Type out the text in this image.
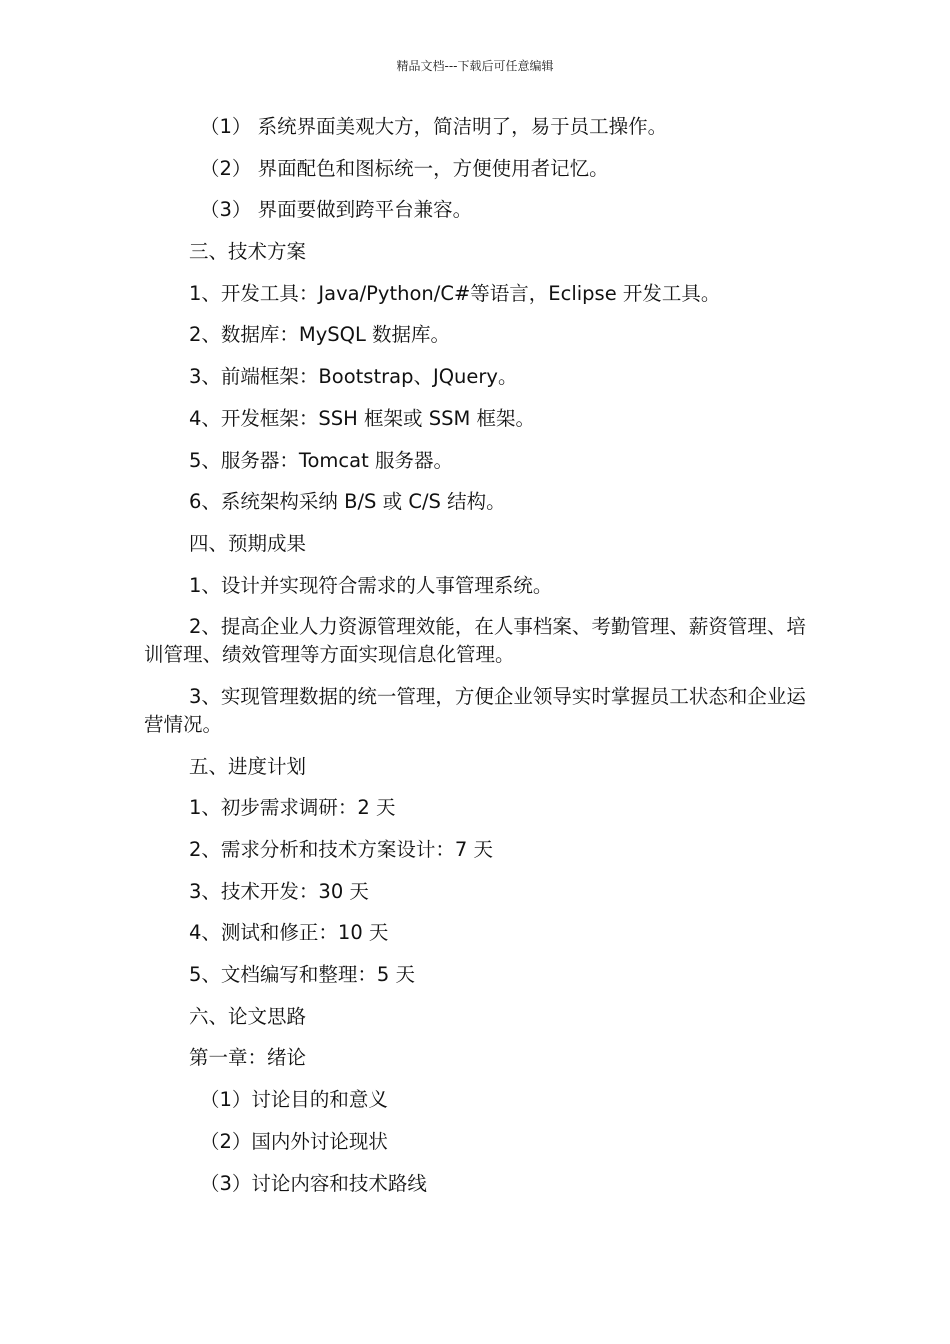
精品文档---下载后可任意编辑
（1） 系统界面美观大方，简洁明了，易于员工操作。
（2） 界面配色和图标统一，方便使用者记忆。
（3） 界面要做到跨平台兼容。
三、技术方案
1、开发工具：Java/Python/C#等语言，Eclipse 开发工具。
2、数据库：MySQL 数据库。
3、前端框架：Bootstrap、JQuery。
4、开发框架：SSH 框架或 SSM 框架。
5、服务器：Tomcat 服务器。
6、系统架构采纳 B/S 或 C/S 结构。
四、预期成果
1、设计并实现符合需求的人事管理系统。
2、提高企业人力资源管理效能，在人事档案、考勤管理、薪资管理、培训管理、绩效管理等方面实现信息化管理。
3、实现管理数据的统一管理，方便企业领导实时掌握员工状态和企业运营情况。
五、进度计划
1、初步需求调研：2 天
2、需求分析和技术方案设计：7 天
3、技术开发：30 天
4、测试和修正：10 天
5、文档编写和整理：5 天
六、论文思路
第一章：绪论
（1）讨论目的和意义
（2）国内外讨论现状
（3）讨论内容和技术路线
